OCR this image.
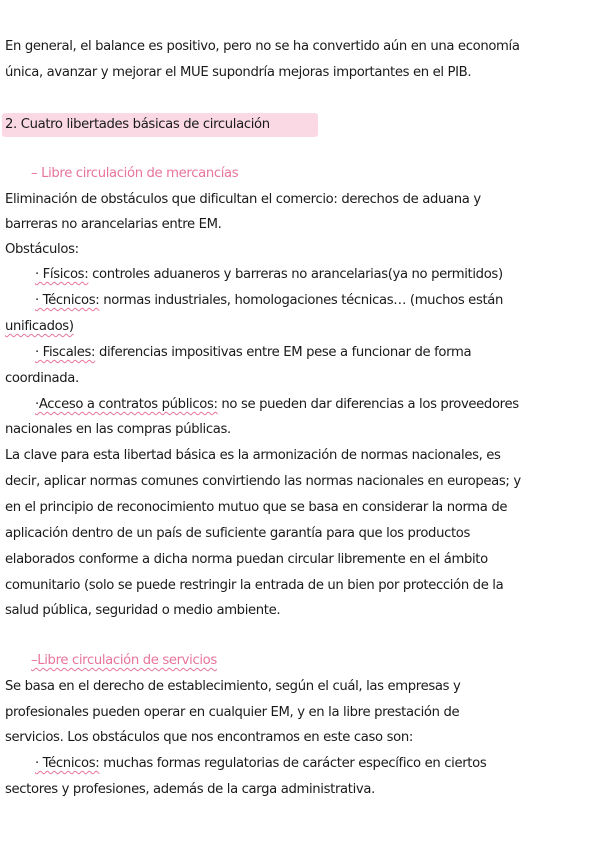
En general, el balance es positivo, pero no se ha convertido aún en una economía
única, avanzar y mejorar el MUE supondría mejoras importantes en el PIB.
2. Cuatro libertades básicas de circulación
– Libre circulación de mercancías
Eliminación de obstáculos que dificultan el comercio: derechos de aduana y
barreras no arancelarias entre EM.
Obstáculos:
· Físicos: controles aduaneros y barreras no arancelarias(ya no permitidos)
· Técnicos: normas industriales, homologaciones técnicas… (muchos están
unificados)
· Fiscales: diferencias impositivas entre EM pese a funcionar de forma
coordinada.
·Acceso a contratos públicos: no se pueden dar diferencias a los proveedores
nacionales en las compras públicas.
La clave para esta libertad básica es la armonización de normas nacionales, es
decir, aplicar normas comunes convirtiendo las normas nacionales en europeas; y
en el principio de reconocimiento mutuo que se basa en considerar la norma de
aplicación dentro de un país de suficiente garantía para que los productos
elaborados conforme a dicha norma puedan circular libremente en el ámbito
comunitario (solo se puede restringir la entrada de un bien por protección de la
salud pública, seguridad o medio ambiente.
–Libre circulación de servicios
Se basa en el derecho de establecimiento, según el cuál, las empresas y
profesionales pueden operar en cualquier EM, y en la libre prestación de
servicios. Los obstáculos que nos encontramos en este caso son:
· Técnicos: muchas formas regulatorias de carácter específico en ciertos
sectores y profesiones, además de la carga administrativa.
